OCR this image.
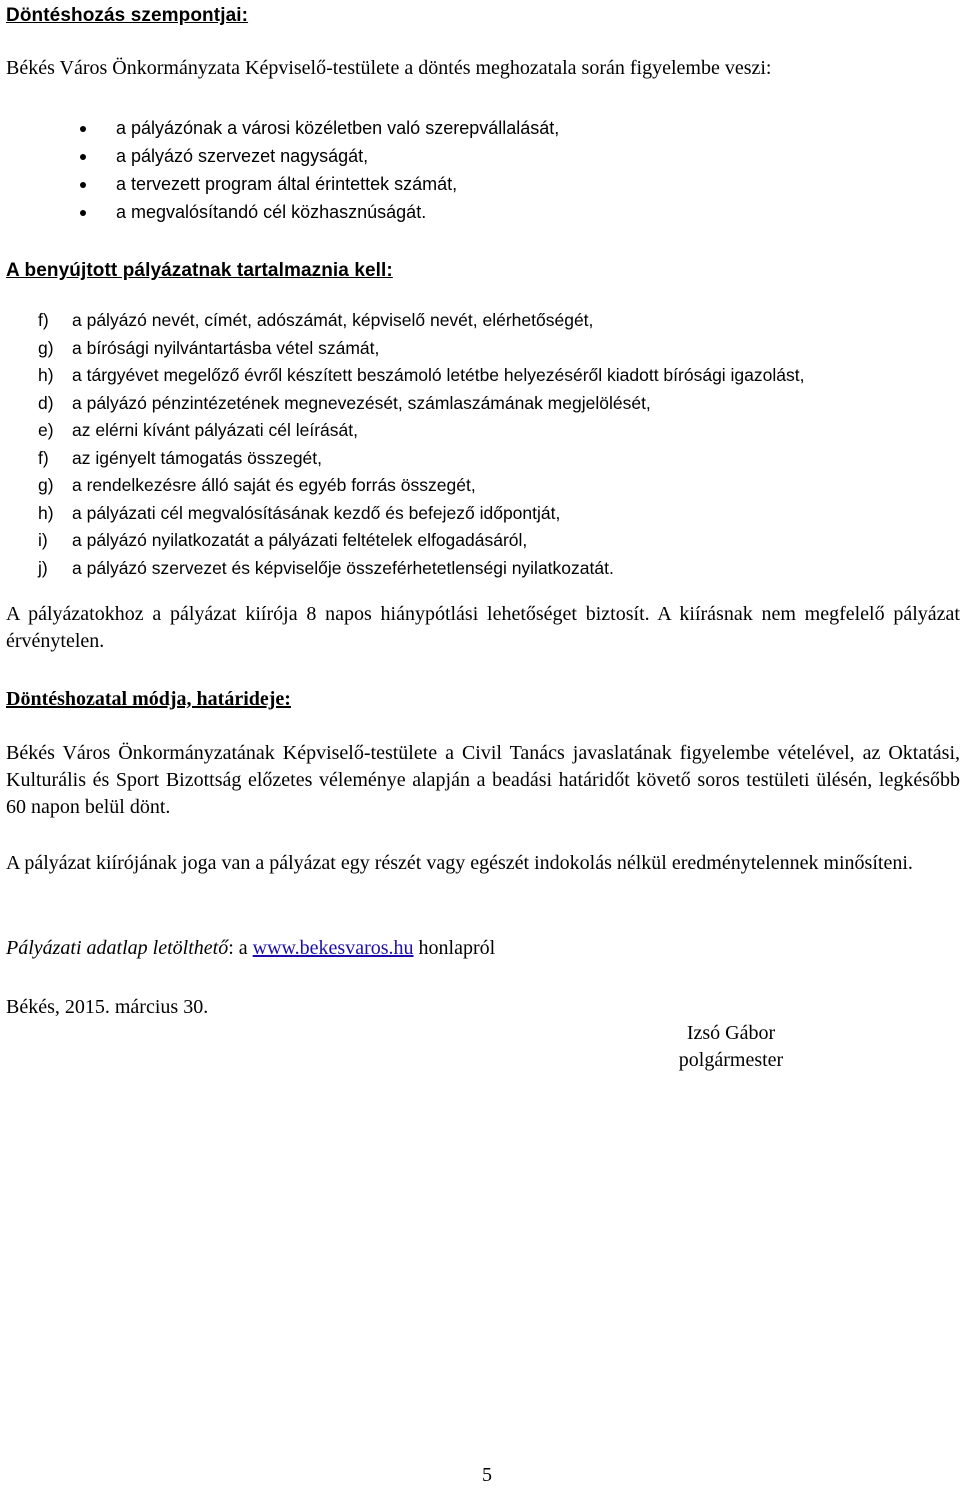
Döntéshozás szempontjai:
Békés Város Önkormányzata Képviselő-testülete a döntés meghozatala során figyelembe veszi:
a pályázónak a városi közéletben való szerepvállalását,
a pályázó szervezet nagyságát,
a tervezett program által érintettek számát,
a megvalósítandó cél közhasznúságát.
A benyújtott pályázatnak tartalmaznia kell:
f) a pályázó nevét, címét, adószámát, képviselő nevét, elérhetőségét,
g) a bírósági nyilvántartásba vétel számát,
h) a tárgyévet megelőző évről készített beszámoló letétbe helyezéséről kiadott bírósági igazolást,
d) a pályázó pénzintézetének megnevezését, számlaszámának megjelölését,
e) az elérni kívánt pályázati cél leírását,
f) az igényelt támogatás összegét,
g) a rendelkezésre álló saját és egyéb forrás összegét,
h) a pályázati cél megvalósításának kezdő és befejező időpontját,
i) a pályázó nyilatkozatát a pályázati feltételek elfogadásáról,
j) a pályázó szervezet és képviselője összeférhetetlenségi nyilatkozatát.
A pályázatokhoz a pályázat kiírója 8 napos hiánypótlási lehetőséget biztosít. A kiírásnak nem megfelelő pályázat érvénytelen.
Döntéshozatal módja, határideje:
Békés Város Önkormányzatának Képviselő-testülete a Civil Tanács javaslatának figyelembe vételével, az Oktatási, Kulturális és Sport Bizottság előzetes véleménye alapján a beadási határidőt követő soros testületi ülésén, legkésőbb 60 napon belül dönt.
A pályázat kiírójának joga van a pályázat egy részét vagy egészét indokolás nélkül eredménytelennek minősíteni.
Pályázati adatlap letölthető: a www.bekesvaros.hu honlapról
Békés, 2015. március 30.
Izsó Gábor
polgármester
5
